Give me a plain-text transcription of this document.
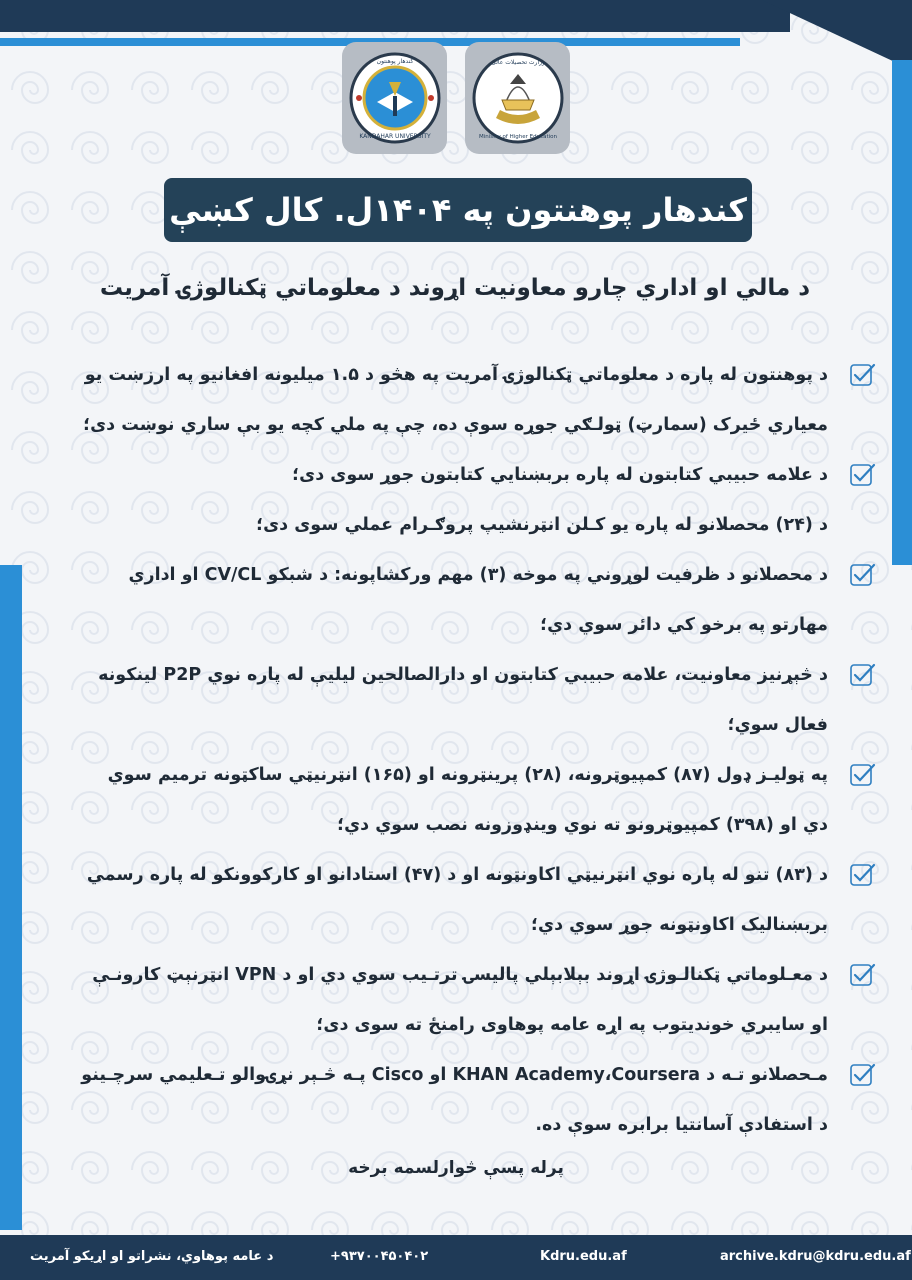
KANDAHAR UNIVERSITY
کندهار پوهنتون
Ministry of Higher Education
وزارت تحصیلات عالی
کندهار پوهنتون په ۱۴۰۴ل. کال کښې
د مالي او اداري چارو معاونيت اړوند د معلوماتي ټکنالوژۍ آمريت
د پوهنتون له پاره د معلوماتي ټکنالوژۍ آمريت په هڅو د ۱.۵ ميليونه افغانيو په ارزښت يو معياري ځيرک (سمارټ) ټولـګي جوړه سوې ده، چې په ملي کچه يو بې ساري نوښت دی؛
د علامه حبيبي کتابتون له پاره بربښنايي کتابتون جوړ سوی دی؛
د (۲۴) محصلانو له پاره يو کـلن انټرنشيپ پروګـرام عملي سوی دی؛
د محصلانو د ظرفيت لوړوني په موخه (۳) مهم ورکشاپونه: د شبکو CV/CL او اداري مهارتو په برخو کي دائر سوي دي؛
د څېړنيز معاونيت، علامه حبيبي کتابتون او دارالصالحين ليليې له پاره نوي P2P لينکونه فعال سوي؛
په ټوليـز ډول (۸۷) کمپيوټرونه، (۲۸) پرينټرونه او (۱۶۵) انټرنيټي ساکټونه ترميم سوي دي او (۳۹۸) کمپيوټرونو ته نوي وينډوزونه نصب سوي دي؛
د (۸۳) تنو له پاره نوي انټرنيټي اکاونټونه او د (۴۷) استادانو او کارکوونکو له پاره رسمي بربښناليک اکاونټونه جوړ سوي دي؛
د معـلوماتي ټکنالـوژۍ اړوند بېلابېلي پاليسۍ ترتـيب سوي دي او د VPN انټرنېټ کارونـې او سايبري خونديتوب په اړه عامه پوهاوی رامنځ ته سوی دی؛
مـحصلانو تـه د KHAN Academy،Coursera او Cisco پـه څـېر نړۍوالو تـعليمي سرچـينو د استفادې آسانتيا برابره سوې ده.
پرله پسې څوارلسمه برخه
archive.kdru@kdru.edu.af
Kdru.edu.af
+۹۳۷۰۰۴۵۰۴۰۲
د عامه پوهاوي، نشراتو او اړيکو آمريت
